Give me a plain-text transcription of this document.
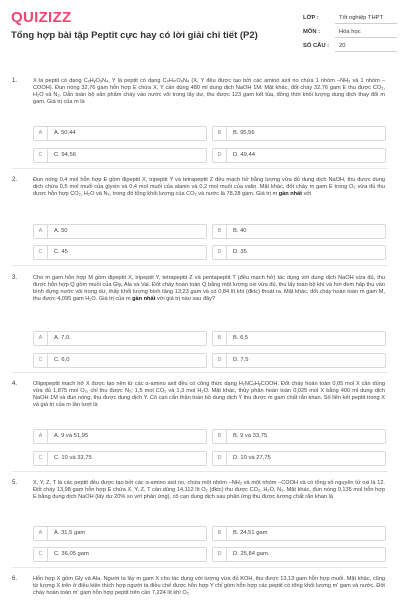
QUIZIZZ
Tổng hợp bài tập Peptit cực hay có lời giải chi tiết (P2)
LỚP :	Tốt nghiệp THPT
MÔN :	Hóa học
SỐ CÂU : 20
1.	X là peptit có dạng CₓHᵧOᵤN₄, Y là peptit có dạng CₙHₘO₆N₄ (X, Y đều được tạo bởi các amino axit no chứa 1 nhóm –NH₂ và 1 nhóm –COOH). Đun nóng 32,76 gam hỗn hợp E chứa X, Y cần dùng 480 ml dung dịch NaOH 1M. Mặt khác, đốt cháy 32,76 gam E thu được CO₂, H₂O và N₂. Dẫn toàn bộ sản phẩm cháy vào nước vôi trong lấy dư, thu được 123 gam kết tủa, đồng thời khối lượng dung dịch thay đổi m gam. Giá trị của m là
A	A. 50,44	B	B. 95,56
C	C. 94,56	D	D. 49,44
2.	Đun nóng 0,4 mol hỗn hợp E gồm đipeptit X, tripeptit Y và tetrapeptit Z đều mạch hở bằng lượng vừa đủ dung dịch NaOH, thu được dung dịch chứa 0,5 mol muối của glyxin và 0,4 mol muối của alanin và 0,2 mol muối của valin. Mặt khác, đốt cháy m gam E trong O₂ vừa đủ thu được hỗn hợp CO₂, H₂O và N₂, trong đó tổng khối lượng của CO₂ và nước là 78,28 gam. Giá trị m gần nhất với
A	A. 50	B	B. 40
C	C. 45	D	D. 35
3.	Cho m gam hỗn hợp M gồm đipeptit X, tripeptit Y, tetrapeptit Z và pentapeptit T (đều mạch hở) tác dụng với dung dịch NaOH vừa đủ, thu được hỗn hợp Q gồm muối của Gly, Ala và Val. Đốt cháy hoàn toàn Q bằng một lượng oxi vừa đủ, thu lấy toàn bộ khí và hơi đem hấp thụ vào bình đựng nước vôi trong dư, thấy khối lượng bình tăng 13,23 gam và có 0,84 lít khí (đktc) thoát ra. Mặt khác, đốt cháy hoàn toàn m gam M, thu được 4,095 gam H₂O. Giá trị của m gần nhất với giá trị nào sau đây?
A	A. 7,0.	B	B. 6,5
C	C. 6,0	D	D. 7,5
4.	Oligopeptit mạch hở X được tạo nên từ các α-amino axit đều có công thức dạng H₂NCₓHᵧCOOH. Đốt cháy hoàn toàn 0,05 mol X cần dùng vừa đủ 1,875 mol O₂, chỉ thu được N₂; 1,5 mol CO₂ và 1,3 mol H₂O. Mặt khác, thủy phân hoàn toàn 0,025 mol X bằng 400 ml dung dịch NaOH 1M và đun nóng, thu được dung dịch Y. Cô cạn cẩn thận toàn bộ dung dịch Y thu được m gam chất rắn khan. Số liên kết peptit trong X và giá trị của m lần lượt là
A	A. 9 và 51,95	B	B. 9 và 33,75
C	C. 10 và 33,75	D	D. 10 và 27,75
5.	X, Y, Z, T là các peptit đều được tạo bởi các α-amino axit no, chứa một nhóm –NH₂ và một nhóm –COOH và có tổng số nguyên tử oxi là 12. Đốt cháy 13,98 gam hỗn hợp E chứa X, Y, Z, T cần dùng 14,112 lít O₂ (đktc) thu được CO₂, H₂O, N₂. Mặt khác, đun nóng 0,135 mol hỗn hợp E bằng dung dịch NaOH (lấy dư 20% so với phản ứng), cô cạn dung dịch sau phản ứng thu được lượng chất rắn khan là
A	A. 31,5 gam	B	B. 24,51 gam
C	C. 36,05 gam	D	D. 25,84 gam.
6.	Hỗn hợp X gồm Gly và Ala. Người ta lấy m gam X cho tác dụng với lượng vừa đủ KOH, thu được 13,13 gam hỗn hợp muối. Mặt khác, cũng từ lượng X trên ở điều kiện thích hợp người ta điều chế được hỗn hợp Y chỉ gồm hỗn hợp các peptit có tổng khối lượng m' gam và nước. Đốt cháy hoàn toàn m' gam hỗn hợp peptit trên cần 7,224 lít khí O₂
